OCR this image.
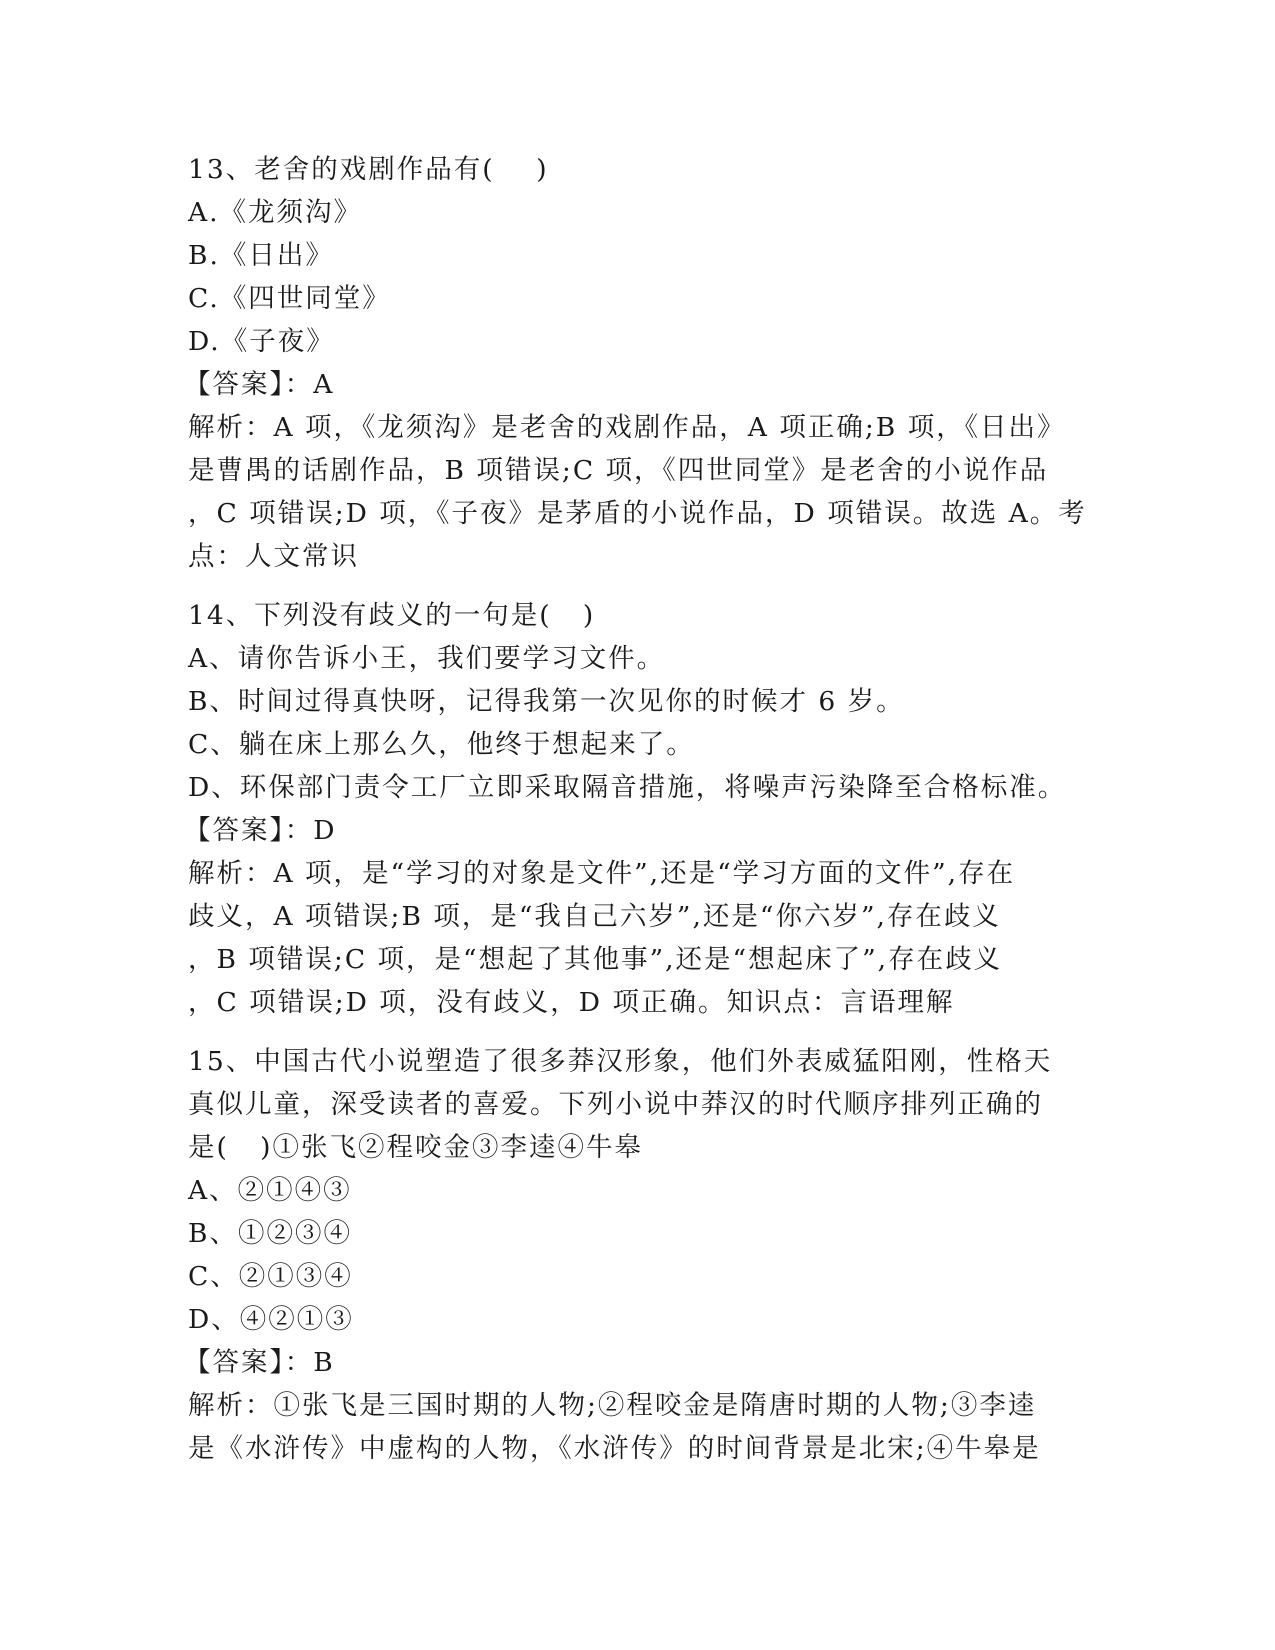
13、老舍的戏剧作品有(    )
A.《龙须沟》
B.《日出》
C.《四世同堂》
D.《子夜》
【答案】：A
解析：A 项，《龙须沟》是老舍的戏剧作品，A 项正确;B 项，《日出》
是曹禺的话剧作品，B 项错误;C 项，《四世同堂》是老舍的小说作品
，C 项错误;D 项，《子夜》是茅盾的小说作品，D 项错误。故选 A。考
点：人文常识
14、下列没有歧义的一句是(   )
A、请你告诉小王，我们要学习文件。
B、时间过得真快呀，记得我第一次见你的时候才 6 岁。
C、躺在床上那么久，他终于想起来了。
D、环保部门责令工厂立即采取隔音措施，将噪声污染降至合格标准。
【答案】：D
解析：A 项，是“学习的对象是文件”,还是“学习方面的文件”,存在
歧义，A 项错误;B 项，是“我自己六岁”,还是“你六岁”,存在歧义
，B 项错误;C 项，是“想起了其他事”,还是“想起床了”,存在歧义
，C 项错误;D 项，没有歧义，D 项正确。知识点：言语理解
15、中国古代小说塑造了很多莽汉形象，他们外表威猛阳刚，性格天
真似儿童，深受读者的喜爱。下列小说中莽汉的时代顺序排列正确的
是(   )①张飞②程咬金③李逵④牛皋
A、②①④③
B、①②③④
C、②①③④
D、④②①③
【答案】：B
解析：①张飞是三国时期的人物;②程咬金是隋唐时期的人物;③李逵
是《水浒传》中虚构的人物，《水浒传》的时间背景是北宋;④牛皋是
